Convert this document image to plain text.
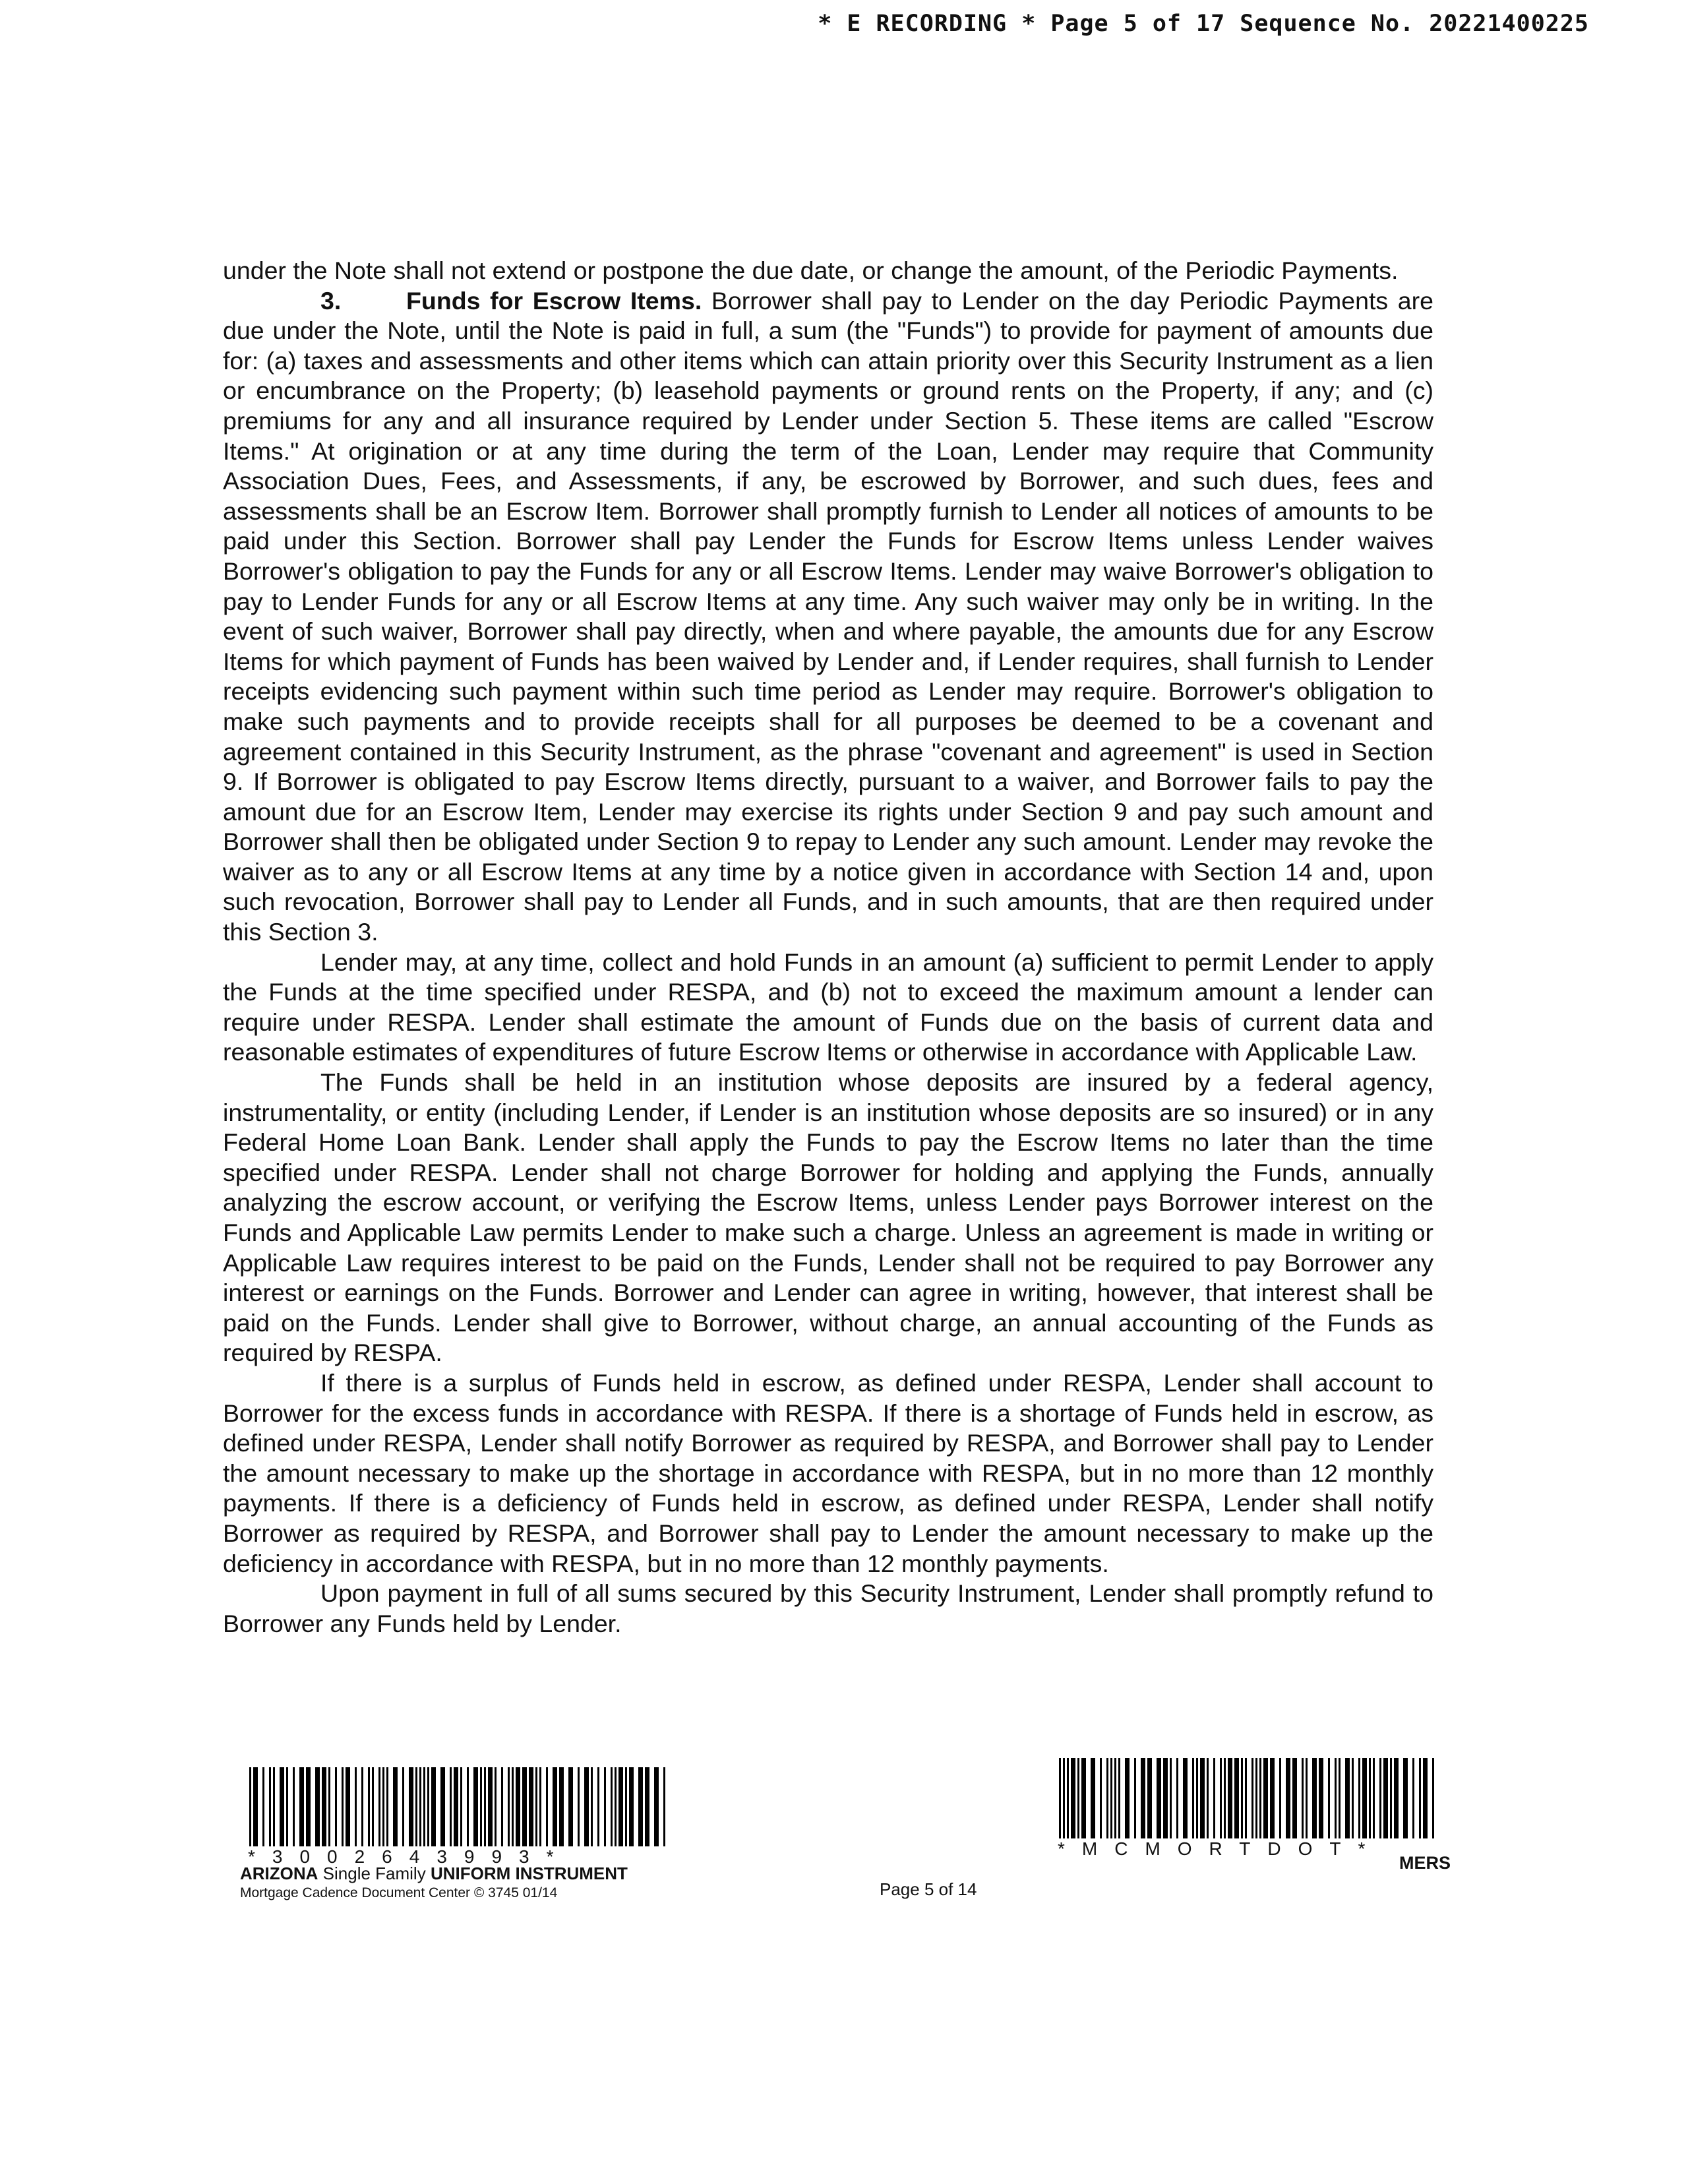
* E RECORDING * Page 5 of 17 Sequence No. 20221400225

under the Note shall not extend or postpone the due date, or change the amount, of the Periodic Payments.

3.	Funds for Escrow Items. Borrower shall pay to Lender on the day Periodic Payments are due under the Note, until the Note is paid in full, a sum (the "Funds") to provide for payment of amounts due for: (a) taxes and assessments and other items which can attain priority over this Security Instrument as a lien or encumbrance on the Property; (b) leasehold payments or ground rents on the Property, if any; and (c) premiums for any and all insurance required by Lender under Section 5. These items are called "Escrow Items." At origination or at any time during the term of the Loan, Lender may require that Community Association Dues, Fees, and Assessments, if any, be escrowed by Borrower, and such dues, fees and assessments shall be an Escrow Item. Borrower shall promptly furnish to Lender all notices of amounts to be paid under this Section. Borrower shall pay Lender the Funds for Escrow Items unless Lender waives Borrower's obligation to pay the Funds for any or all Escrow Items. Lender may waive Borrower's obligation to pay to Lender Funds for any or all Escrow Items at any time. Any such waiver may only be in writing. In the event of such waiver, Borrower shall pay directly, when and where payable, the amounts due for any Escrow Items for which payment of Funds has been waived by Lender and, if Lender requires, shall furnish to Lender receipts evidencing such payment within such time period as Lender may require. Borrower's obligation to make such payments and to provide receipts shall for all purposes be deemed to be a covenant and agreement contained in this Security Instrument, as the phrase "covenant and agreement" is used in Section 9. If Borrower is obligated to pay Escrow Items directly, pursuant to a waiver, and Borrower fails to pay the amount due for an Escrow Item, Lender may exercise its rights under Section 9 and pay such amount and Borrower shall then be obligated under Section 9 to repay to Lender any such amount. Lender may revoke the waiver as to any or all Escrow Items at any time by a notice given in accordance with Section 14 and, upon such revocation, Borrower shall pay to Lender all Funds, and in such amounts, that are then required under this Section 3.

Lender may, at any time, collect and hold Funds in an amount (a) sufficient to permit Lender to apply the Funds at the time specified under RESPA, and (b) not to exceed the maximum amount a lender can require under RESPA. Lender shall estimate the amount of Funds due on the basis of current data and reasonable estimates of expenditures of future Escrow Items or otherwise in accordance with Applicable Law.

The Funds shall be held in an institution whose deposits are insured by a federal agency, instrumentality, or entity (including Lender, if Lender is an institution whose deposits are so insured) or in any Federal Home Loan Bank. Lender shall apply the Funds to pay the Escrow Items no later than the time specified under RESPA. Lender shall not charge Borrower for holding and applying the Funds, annually analyzing the escrow account, or verifying the Escrow Items, unless Lender pays Borrower interest on the Funds and Applicable Law permits Lender to make such a charge. Unless an agreement is made in writing or Applicable Law requires interest to be paid on the Funds, Lender shall not be required to pay Borrower any interest or earnings on the Funds. Borrower and Lender can agree in writing, however, that interest shall be paid on the Funds. Lender shall give to Borrower, without charge, an annual accounting of the Funds as required by RESPA.

If there is a surplus of Funds held in escrow, as defined under RESPA, Lender shall account to Borrower for the excess funds in accordance with RESPA. If there is a shortage of Funds held in escrow, as defined under RESPA, Lender shall notify Borrower as required by RESPA, and Borrower shall pay to Lender the amount necessary to make up the shortage in accordance with RESPA, but in no more than 12 monthly payments. If there is a deficiency of Funds held in escrow, as defined under RESPA, Lender shall notify Borrower as required by RESPA, and Borrower shall pay to Lender the amount necessary to make up the deficiency in accordance with RESPA, but in no more than 12 monthly payments.

Upon payment in full of all sums secured by this Security Instrument, Lender shall promptly refund to Borrower any Funds held by Lender.

*3002643993*	*MCMORTDOT*
MERS
ARIZONA Single Family UNIFORM INSTRUMENT
Mortgage Cadence Document Center © 3745 01/14	Page 5 of 14
